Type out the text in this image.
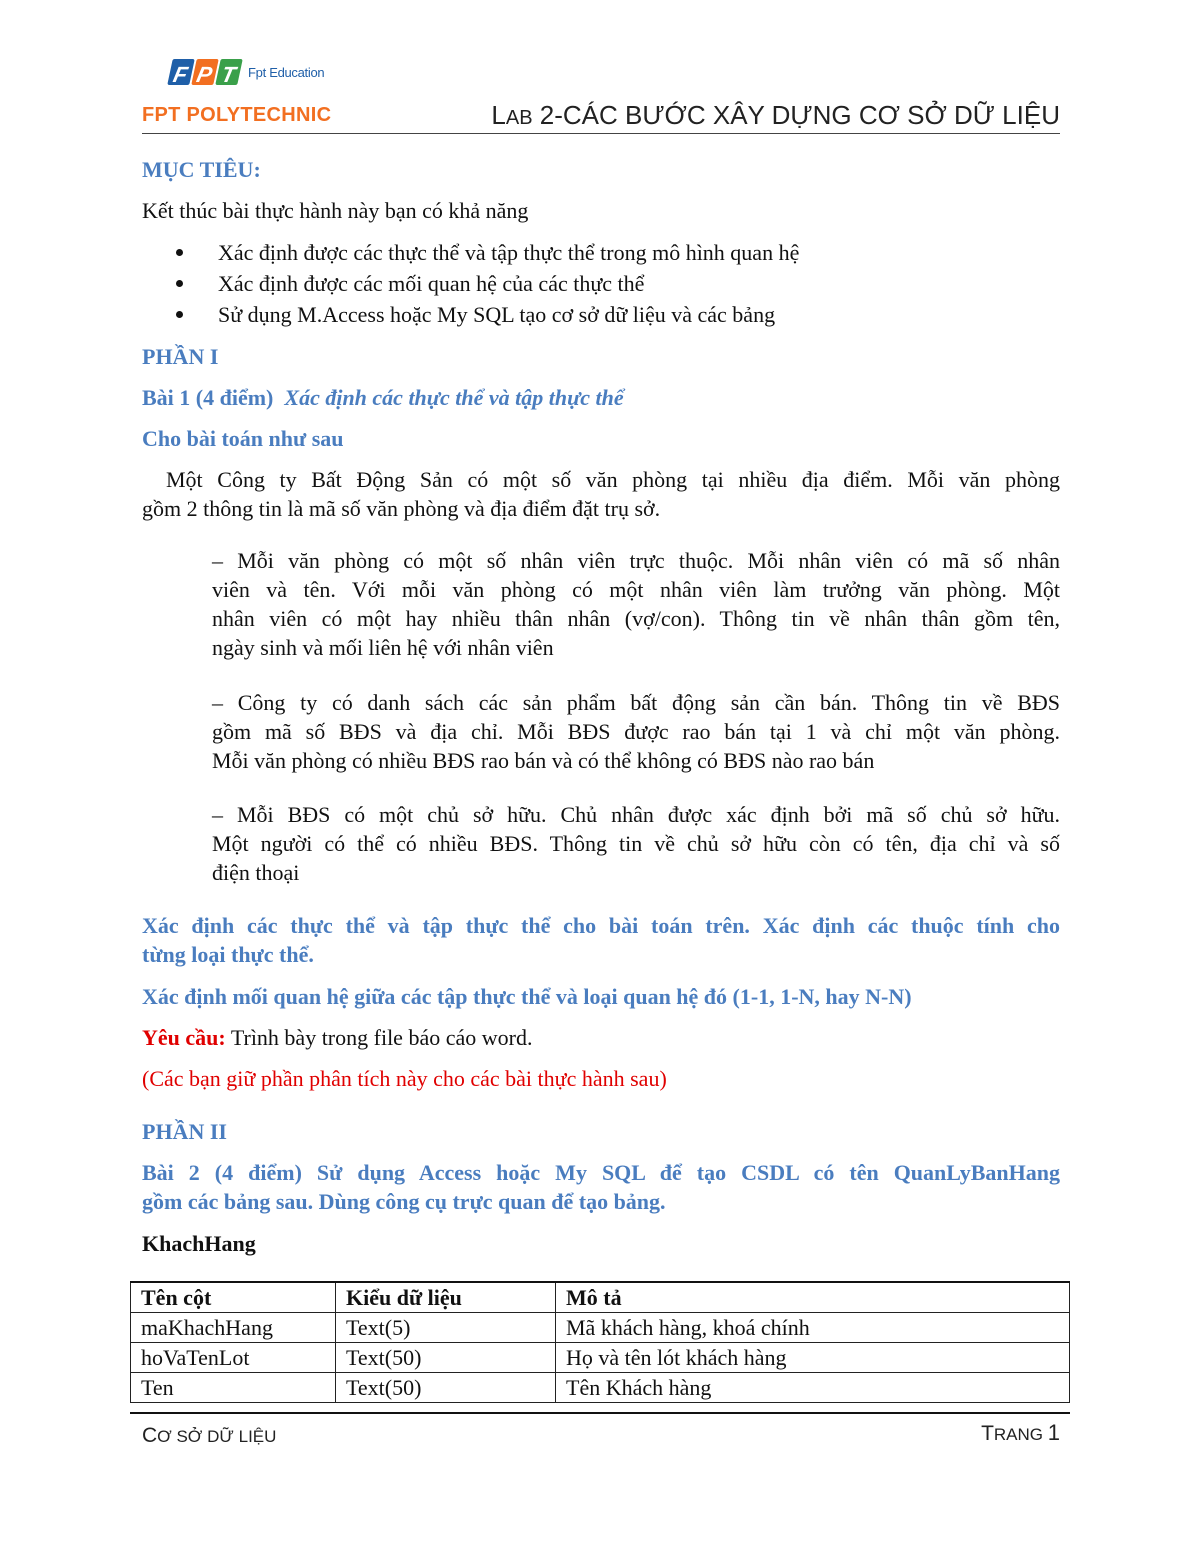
F P T Fpt Education
FPT POLYTECHNIC	LAB 2-CÁC BƯỚC XÂY DỰNG CƠ SỞ DỮ LIỆU
MỤC TIÊU:
Kết thúc bài thực hành này bạn có khả năng
Xác định được các thực thể và tập thực thể trong mô hình quan hệ
Xác định được các mối quan hệ của các thực thể
Sử dụng M.Access hoặc My SQL tạo cơ sở dữ liệu và các bảng
PHẦN I
Bài 1 (4 điểm) Xác định các thực thể và tập thực thể
Cho bài toán như sau
Một Công ty Bất Động Sản có một số văn phòng tại nhiều địa điểm. Mỗi văn phòng
gồm 2 thông tin là mã số văn phòng và địa điểm đặt trụ sở.
– Mỗi văn phòng có một số nhân viên trực thuộc. Mỗi nhân viên có mã số nhân
viên và tên. Với mỗi văn phòng có một nhân viên làm trưởng văn phòng. Một
nhân viên có một hay nhiều thân nhân (vợ/con). Thông tin về nhân thân gồm tên,
ngày sinh và mối liên hệ với nhân viên
– Công ty có danh sách các sản phẩm bất động sản cần bán. Thông tin về BĐS
gồm mã số BĐS và địa chỉ. Mỗi BĐS được rao bán tại 1 và chỉ một văn phòng.
Mỗi văn phòng có nhiều BĐS rao bán và có thể không có BĐS nào rao bán
– Mỗi BĐS có một chủ sở hữu. Chủ nhân được xác định bởi mã số chủ sở hữu.
Một người có thể có nhiều BĐS. Thông tin về chủ sở hữu còn có tên, địa chỉ và số
điện thoại
Xác định các thực thể và tập thực thể cho bài toán trên. Xác định các thuộc tính cho
từng loại thực thể.
Xác định mối quan hệ giữa các tập thực thể và loại quan hệ đó (1-1, 1-N, hay N-N)
Yêu cầu: Trình bày trong file báo cáo word.
(Các bạn giữ phần phân tích này cho các bài thực hành sau)
PHẦN II
Bài 2 (4 điểm) Sử dụng Access hoặc My SQL để tạo CSDL có tên QuanLyBanHang
gồm các bảng sau. Dùng công cụ trực quan để tạo bảng.
KhachHang
Tên cột	Kiểu dữ liệu	Mô tả
maKhachHang	Text(5)	Mã khách hàng, khoá chính
hoVaTenLot	Text(50)	Họ và tên lót khách hàng
Ten	Text(50)	Tên Khách hàng
CƠ SỞ DỮ LIỆU	TRANG 1
